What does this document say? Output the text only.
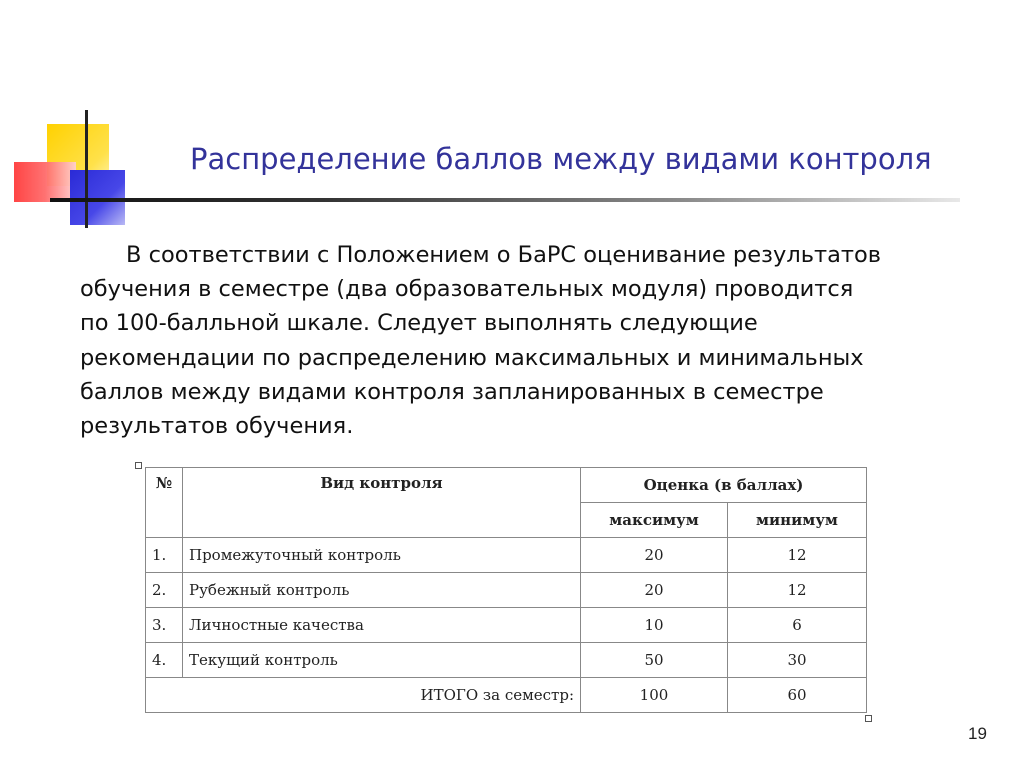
Распределение баллов между видами контроля
В соответствии с Положением о БаРС оценивание результатов
обучения в семестре (два образовательных модуля) проводится
по 100-балльной шкале. Следует выполнять следующие
рекомендации по распределению максимальных и минимальных
баллов между видами контроля запланированных в семестре
результатов обучения.
№	Вид контроля	Оценка (в баллах)	
		максимум	минимум
1.	Промежуточный контроль	20	12
2.	Рубежный контроль	20	12
3.	Личностные качества	10	6
4.	Текущий контроль	50	30
ИТОГО за семестр:		100	60
19
